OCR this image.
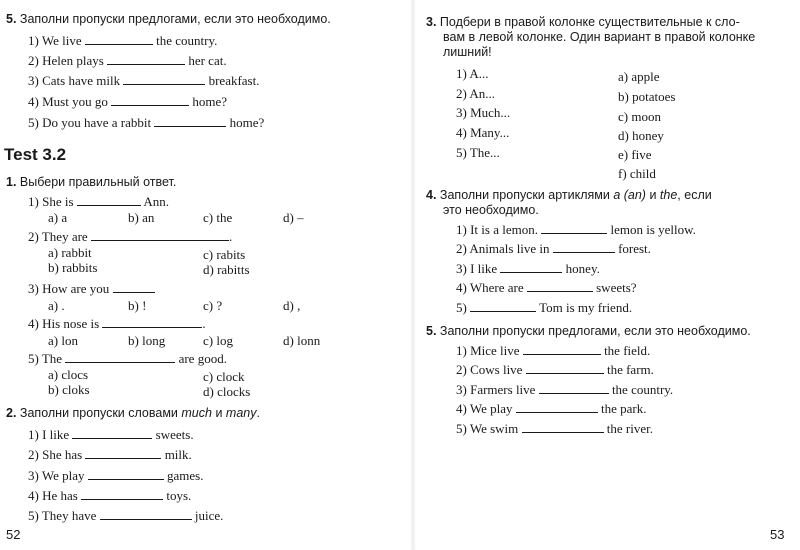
5. Заполни пропуски предлогами, если это необходимо.
1) We live	the country.
2) Helen plays	her cat.
3) Cats have milk	breakfast.
4) Must you go	home?
5) Do you have a rabbit	home?
Test 3.2
1. Выбери правильный ответ.
1) She is	Ann.
a) a	b) an	c) the	d) –
2) They are	.
a) rabbit	c) rabits
b) rabbits	d) rabitts
3) How are you
a) .	b) !	c) ?	d) ,
4) His nose is	.
a) lon	b) long	c) log	d) lonn
5) The	are good.
a) clocs	c) clock
b) cloks	d) clocks
2. Заполни пропуски словами much и many.
1) I like	sweets.
2) She has	milk.
3) We play	games.
4) He has	toys.
5) They have	juice.
52
3. Подбери в правой колонке существительные к сло-
вам в левой колонке. Один вариант в правой колонке
лишний!
1) A...
2) An...
3) Much...
4) Many...
5) The...
a) apple
b) potatoes
c) moon
d) honey
e) five
f) child
4. Заполни пропуски артиклями a (an) и the, если
это необходимо.
1) It is a lemon.	lemon is yellow.
2) Animals live in	forest.
3) I like	honey.
4) Where are	sweets?
5)	Tom is my friend.
5. Заполни пропуски предлогами, если это необходимо.
1) Mice live	the field.
2) Cows live	the farm.
3) Farmers live	the country.
4) We play	the park.
5) We swim	the river.
53
